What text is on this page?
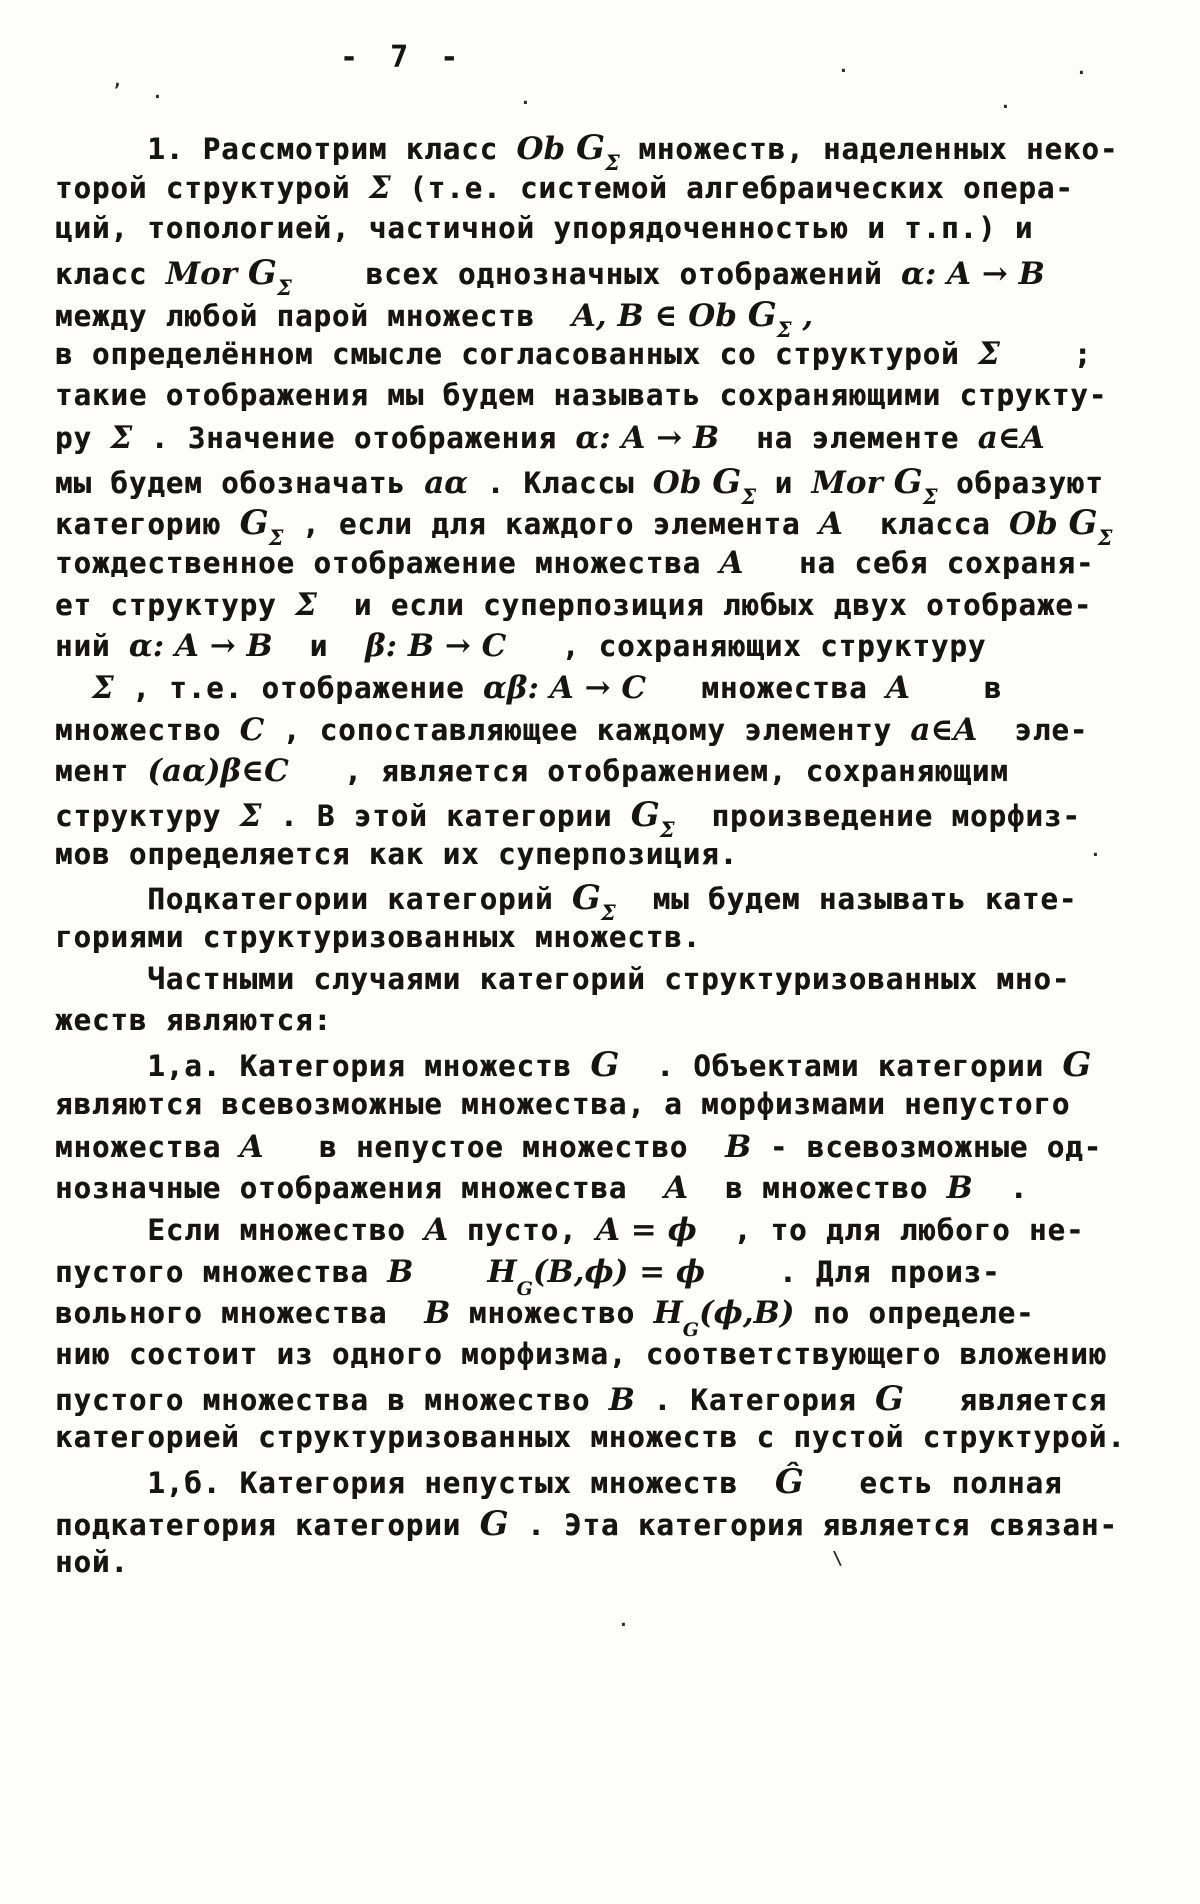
- 7 -
1. Рассмотрим класс Ob GΣ множеств, наделенных неко-
торой структурой Σ (т.е. системой алгебраических опера-
ций, топологией, частичной упорядоченностью и т.п.) и
класс Mor GΣ    всех однозначных отображений α: A → B
между любой парой множеств  A, B ∈ Ob GΣ ,
в определённом смысле согласованных со структурой Σ    ;
такие отображения мы будем называть сохраняющими структу-
ру Σ . Значение отображения α: A → B  на элементе a∈A
мы будем обозначать aα . Классы Ob GΣ и Mor GΣ образуют
категорию GΣ , если для каждого элемента A  класса Ob GΣ
тождественное отображение множества A   на себя сохраня-
ет структуру Σ  и если суперпозиция любых двух отображе-
ний α: A → B  и  β: B → C   , сохраняющих структуру
Σ , т.е. отображение αβ: A → C   множества A    в
множество C , сопоставляющее каждому элементу a∈A  эле-
мент (aα)β∈C   , является отображением, сохраняющим
структуру Σ . В этой категории GΣ  произведение морфиз-
мов определяется как их суперпозиция.
Подкатегории категорий GΣ  мы будем называть кате-
гориями структуризованных множеств.
Частными случаями категорий структуризованных мно-
жеств являются:
1,а. Категория множеств G  . Объектами категории G
являются всевозможные множества, а морфизмами непустого
множества A   в непустое множество  B - всевозможные од-
нозначные отображения множества  A  в множество B  .
Если множество A пусто, A = ϕ  , то для любого не-
пустого множества B HG(B,ϕ) = ϕ    . Для произ-
вольного множества  B множество HG(ϕ,B) по определе-
нию состоит из одного морфизма, соответствующего вложению
пустого множества в множество B . Категория G   является
категорией структуризованных множеств с пустой структурой.
1,б. Категория непустых множеств  Ĝ   есть полная
подкатегория категории G . Эта категория является связан-
ной.
,
.	.
.	.
.
.
\
.
